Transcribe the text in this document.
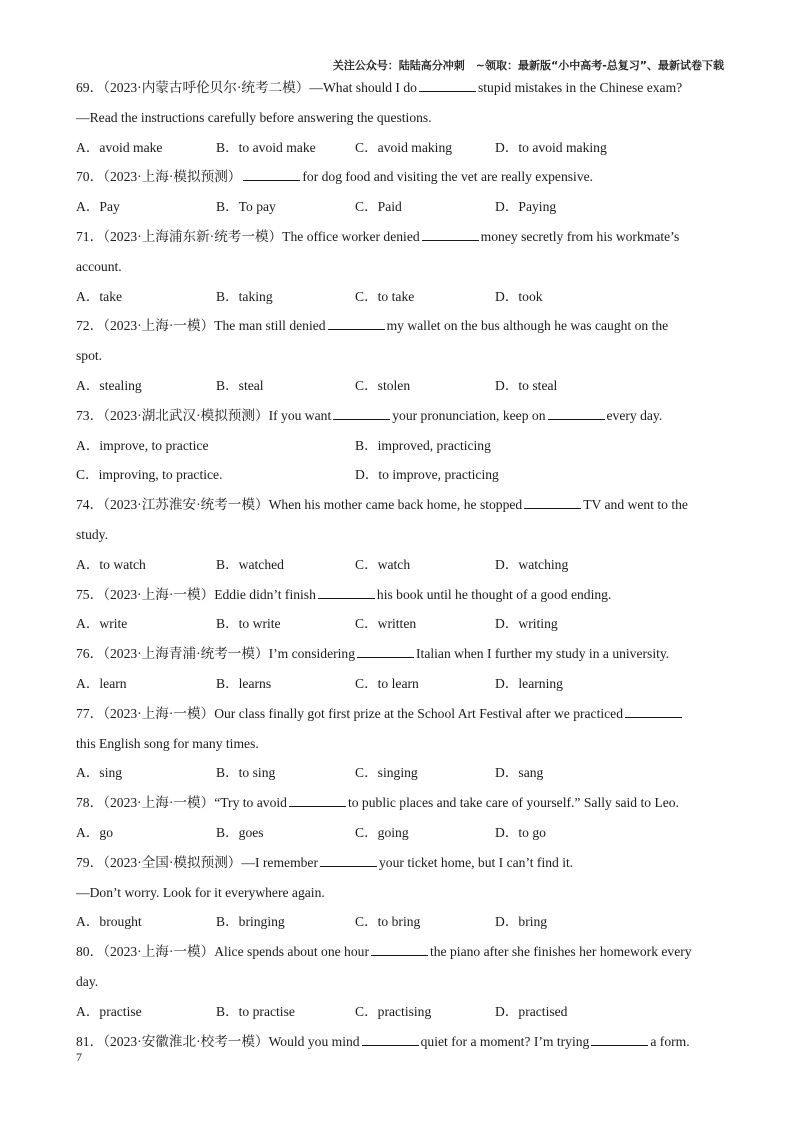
关注公众号：陆陆高分冲刺　~领取：最新版“小中高考-总复习”、最新试卷下载
69．（2023·内蒙古呼伦贝尔·统考二模）—What should I do	stupid mistakes in the Chinese exam?
—Read the instructions carefully before answering the questions.
A．avoid make	B．to avoid make	C．avoid making	D．to avoid making
70．（2023·上海·模拟预测）	for dog food and visiting the vet are really expensive.
A．Pay	B．To pay	C．Paid	D．Paying
71．（2023·上海浦东新·统考一模）The office worker denied	money secretly from his workmate’s
account.
A．take	B．taking	C．to take	D．took
72．（2023·上海·一模）The man still denied	my wallet on the bus although he was caught on the
spot.
A．stealing	B．steal	C．stolen	D．to steal
73．（2023·湖北武汉·模拟预测）If you want	your pronunciation, keep on	every day.
A．improve, to practice	B．improved, practicing
C．improving, to practice.	D．to improve, practicing
74．（2023·江苏淮安·统考一模）When his mother came back home, he stopped	TV and went to the
study.
A．to watch	B．watched	C．watch	D．watching
75．（2023·上海·一模）Eddie didn’t finish	his book until he thought of a good ending.
A．write	B．to write	C．written	D．writing
76．（2023·上海青浦·统考一模）I’m considering	Italian when I further my study in a university.
A．learn	B．learns	C．to learn	D．learning
77．（2023·上海·一模）Our class finally got first prize at the School Art Festival after we practiced
this English song for many times.
A．sing	B．to sing	C．singing	D．sang
78．（2023·上海·一模）“Try to avoid	to public places and take care of yourself.” Sally said to Leo.
A．go	B．goes	C．going	D．to go
79．（2023·全国·模拟预测）—I remember	your ticket home, but I can’t find it.
—Don’t worry. Look for it everywhere again.
A．brought	B．bringing	C．to bring	D．bring
80．（2023·上海·一模）Alice spends about one hour	the piano after she finishes her homework every
day.
A．practise	B．to practise	C．practising	D．practised
81．（2023·安徽淮北·校考一模）Would you mind	quiet for a moment? I’m trying	a form.
7
